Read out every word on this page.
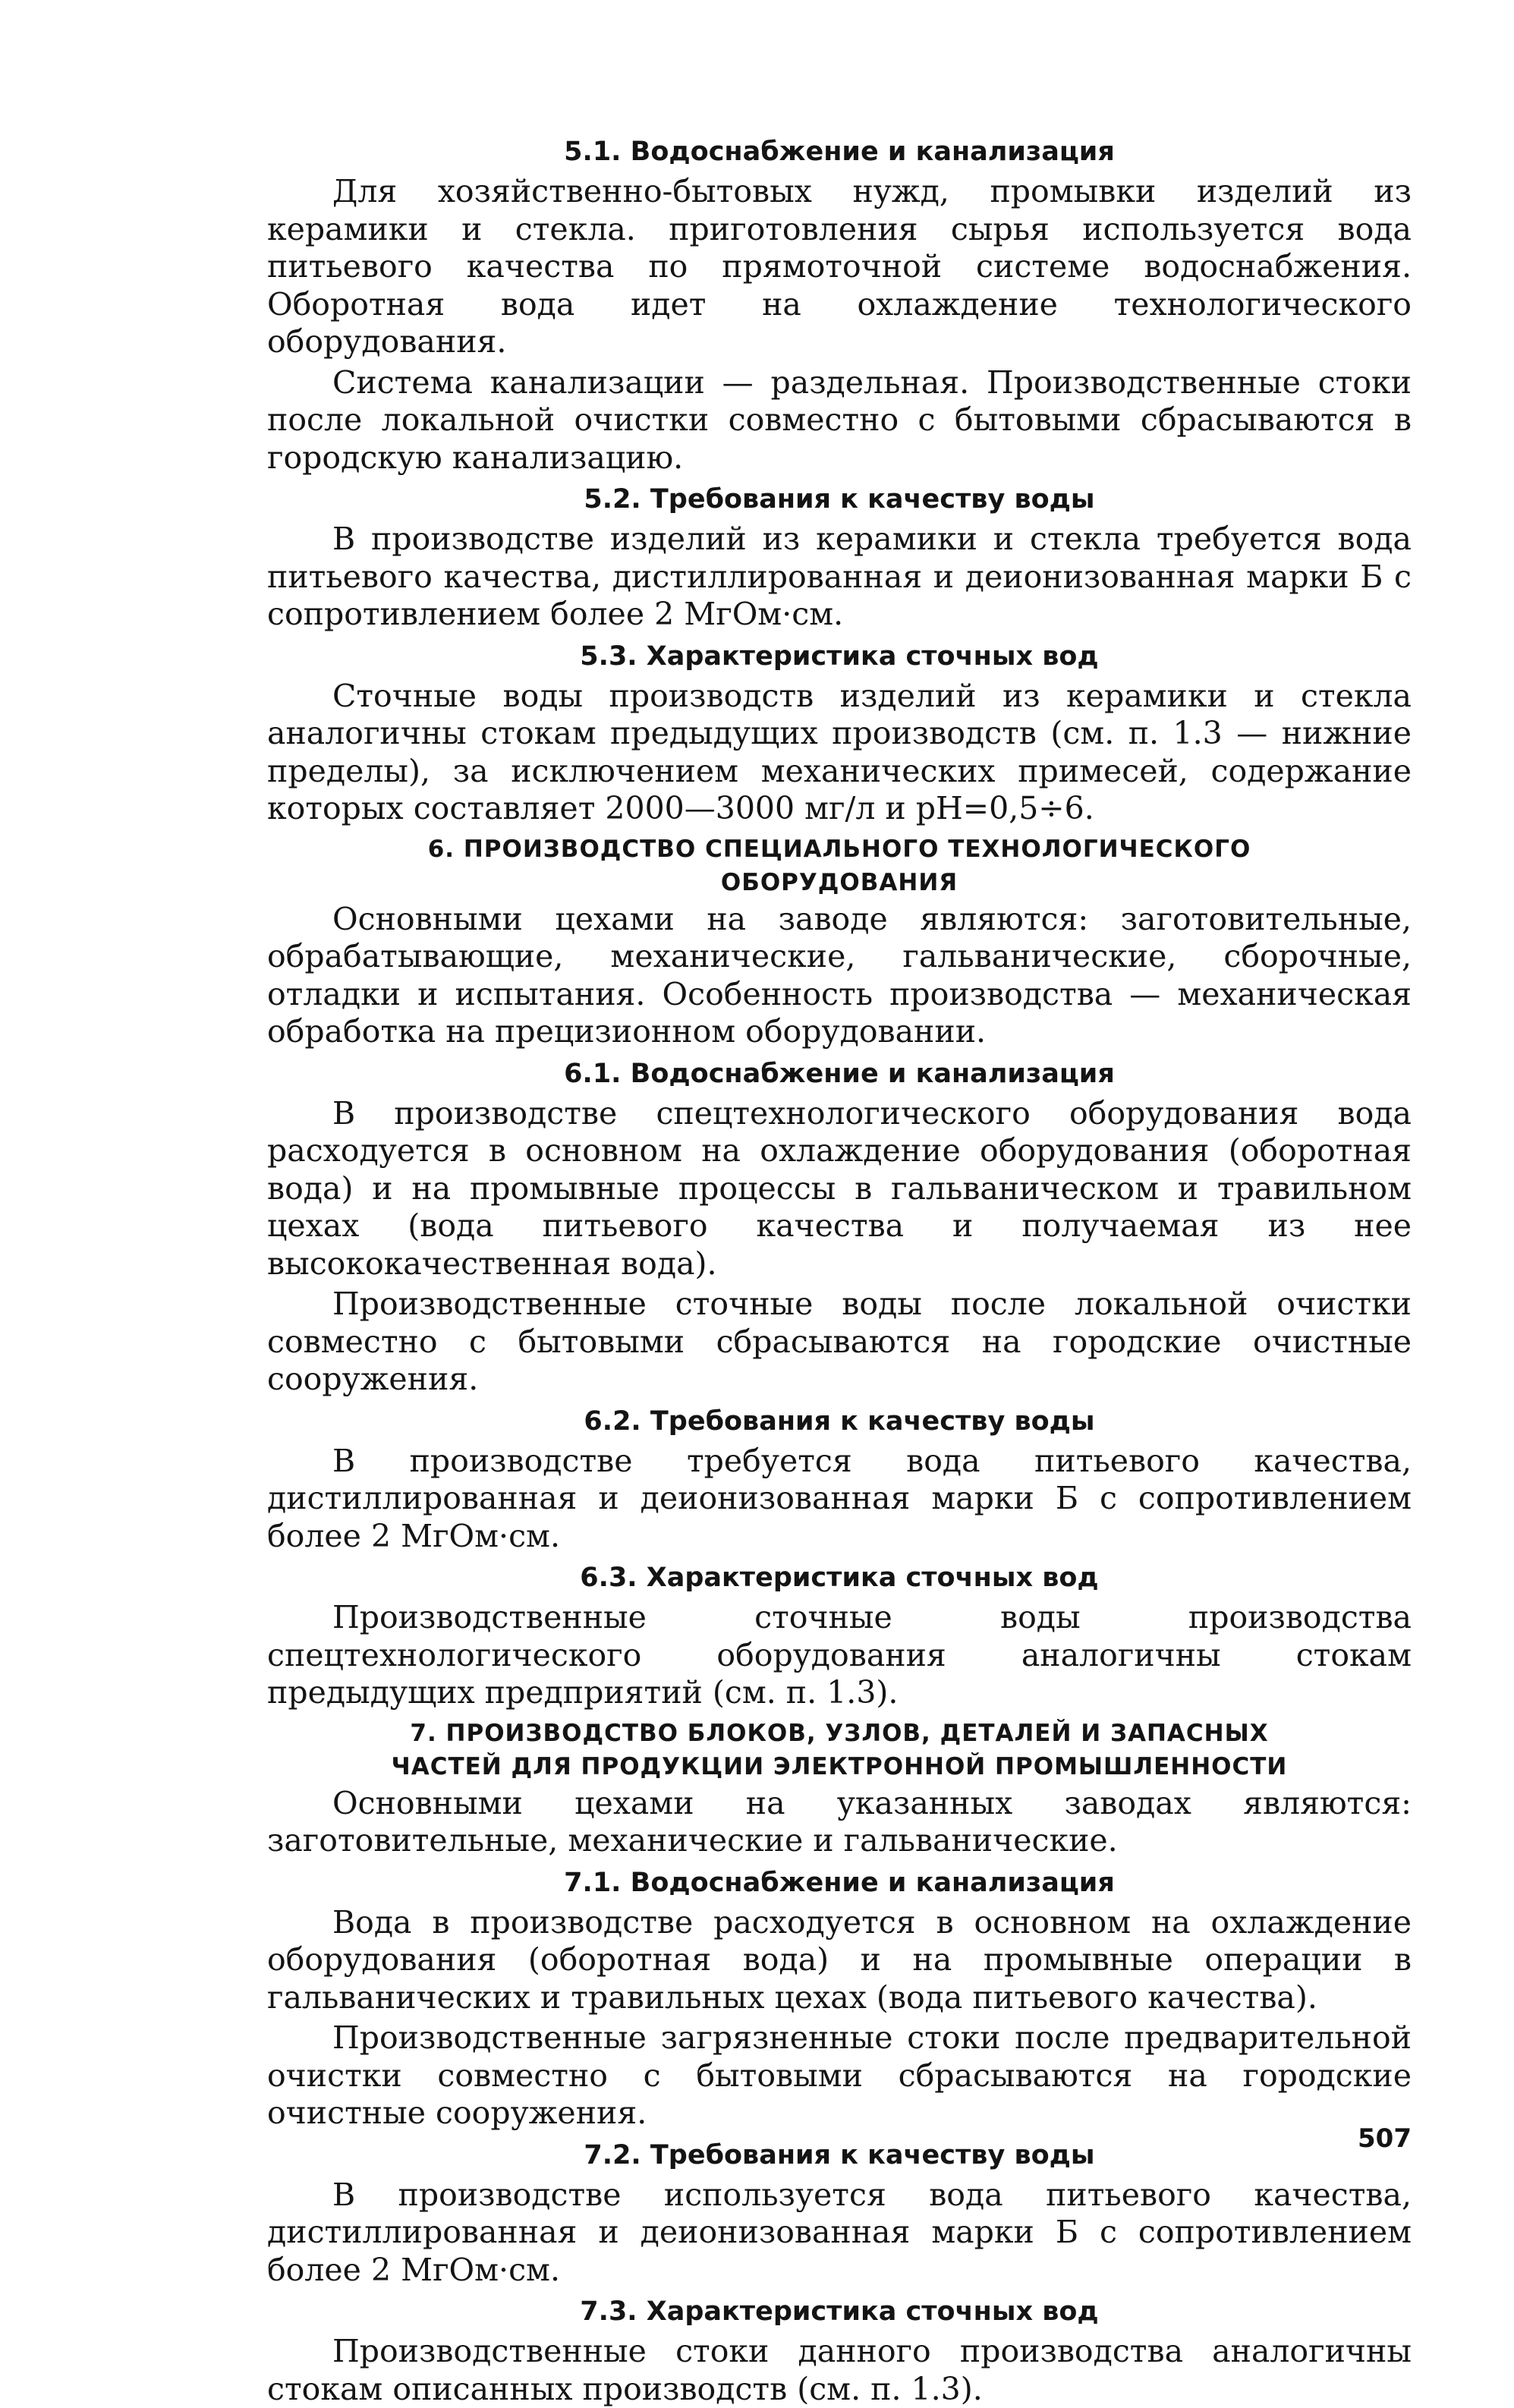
5.1. Водоснабжение и канализация

Для хозяйственно-бытовых нужд, промывки изделий из керамики и стекла. приготовления сырья используется вода питьевого качества по прямоточной системе водоснабжения. Оборотная вода идет на охлаждение технологического оборудования.

Система канализации — раздельная. Производственные стоки после локальной очистки совместно с бытовыми сбрасываются в городскую канализацию.

5.2. Требования к качеству воды

В производстве изделий из керамики и стекла требуется вода питьевого качества, дистиллированная и деионизованная марки Б с сопротивлением более 2 МгОм·см.

5.3. Характеристика сточных вод

Сточные воды производств изделий из керамики и стекла аналогичны стокам предыдущих производств (см. п. 1.3 — нижние пределы), за исключением механических примесей, содержание которых составляет 2000—3000 мг/л и pH=0,5÷6.

6. ПРОИЗВОДСТВО СПЕЦИАЛЬНОГО ТЕХНОЛОГИЧЕСКОГО
ОБОРУДОВАНИЯ

Основными цехами на заводе являются: заготовительные, обрабатывающие, механические, гальванические, сборочные, отладки и испытания. Особенность производства — механическая обработка на прецизионном оборудовании.

6.1. Водоснабжение и канализация

В производстве спецтехнологического оборудования вода расходуется в основном на охлаждение оборудования (оборотная вода) и на промывные процессы в гальваническом и травильном цехах (вода питьевого качества и получаемая из нее высококачественная вода).

Производственные сточные воды после локальной очистки совместно с бытовыми сбрасываются на городские очистные сооружения.

6.2. Требования к качеству воды

В производстве требуется вода питьевого качества, дистиллированная и деионизованная марки Б с сопротивлением более 2 МгОм·см.

6.3. Характеристика сточных вод

Производственные сточные воды производства спецтехнологического оборудования аналогичны стокам предыдущих предприятий (см. п. 1.3).

7. ПРОИЗВОДСТВО БЛОКОВ, УЗЛОВ, ДЕТАЛЕЙ И ЗАПАСНЫХ
ЧАСТЕЙ ДЛЯ ПРОДУКЦИИ ЭЛЕКТРОННОЙ ПРОМЫШЛЕННОСТИ

Основными цехами на указанных заводах являются: заготовительные, механические и гальванические.

7.1. Водоснабжение и канализация

Вода в производстве расходуется в основном на охлаждение оборудования (оборотная вода) и на промывные операции в гальванических и травильных цехах (вода питьевого качества).

Производственные загрязненные стоки после предварительной очистки совместно с бытовыми сбрасываются на городские очистные сооружения.

7.2. Требования к качеству воды

В производстве используется вода питьевого качества, дистиллированная и деионизованная марки Б с сопротивлением более 2 МгОм·см.

7.3. Характеристика сточных вод

Производственные стоки данного производства аналогичны стокам описанных производств (см. п. 1.3).

507
